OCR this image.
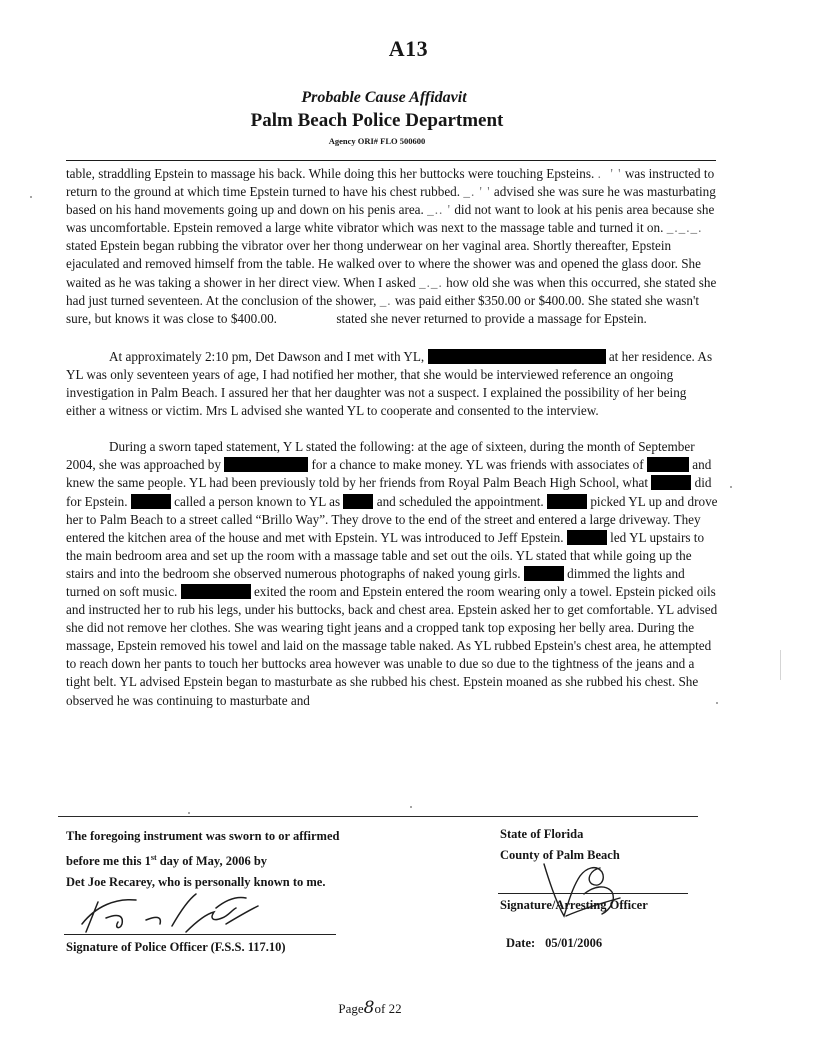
A13
Probable Cause Affidavit
Palm Beach Police Department
Agency ORI# FLO 500600

table, straddling Epstein to massage his back. While doing this her buttocks were touching Epsteins. .  ' ' was instructed to return to the ground at which time Epstein turned to have his chest rubbed. _. ' ' advised she was sure he was masturbating based on his hand movements going up and down on his penis area. _.. ' did not want to look at his penis area because she was uncomfortable. Epstein removed a large white vibrator which was next to the massage table and turned it on. _._._. stated Epstein began rubbing the vibrator over her thong underwear on her vaginal area. Shortly thereafter, Epstein ejaculated and removed himself from the table. He walked over to where the shower was and opened the glass door. She waited as he was taking a shower in her direct view. When I asked _._. how old she was when this occurred, she stated she had just turned seventeen. At the conclusion of the shower, _. was paid either $350.00 or $400.00. She stated she wasn't sure, but knows it was close to $400.00.	stated she never returned to provide a massage for Epstein.

At approximately 2:10 pm, Det Dawson and I met with YL,	at her residence. As YL was only seventeen years of age, I had notified her mother, that she would be interviewed reference an ongoing investigation in Palm Beach. I assured her that her daughter was not a suspect. I explained the possibility of her being either a witness or victim. Mrs L advised she wanted YL to cooperate and consented to the interview.

During a sworn taped statement, Y L stated the following: at the age of sixteen, during the month of September 2004, she was approached by	for a chance to make money. YL was friends with associates of	and knew the same people. YL had been previously told by her friends from Royal Palm Beach High School, what	did for Epstein.	called a person known to YL as	and scheduled the appointment.	picked YL up and drove her to Palm Beach to a street called “Brillo Way”. They drove to the end of the street and entered a large driveway. They entered the kitchen area of the house and met with Epstein. YL was introduced to Jeff Epstein.	led YL upstairs to the main bedroom area and set up the room with a massage table and set out the oils. YL stated that while going up the stairs and into the bedroom she observed numerous photographs of naked young girls.	dimmed the lights and turned on soft music.	exited the room and Epstein entered the room wearing only a towel. Epstein picked oils and instructed her to rub his legs, under his buttocks, back and chest area. Epstein asked her to get comfortable. YL advised she did not remove her clothes. She was wearing tight jeans and a cropped tank top exposing her belly area. During the massage, Epstein removed his towel and laid on the massage table naked. As YL rubbed Epstein's chest area, he attempted to reach down her pants to touch her buttocks area however was unable to due so due to the tightness of the jeans and a tight belt. YL advised Epstein began to masturbate as she rubbed his chest. Epstein moaned as she rubbed his chest. She observed he was continuing to masturbate and

The foregoing instrument was sworn to or affirmed
before me this 1st day of May, 2006 by
Det Joe Recarey, who is personally known to me.
State of Florida
County of Palm Beach
Signature of Police Officer (F.S.S. 117.10)
Signature/Arresting Officer
Date: 05/01/2006
Page8of 22
